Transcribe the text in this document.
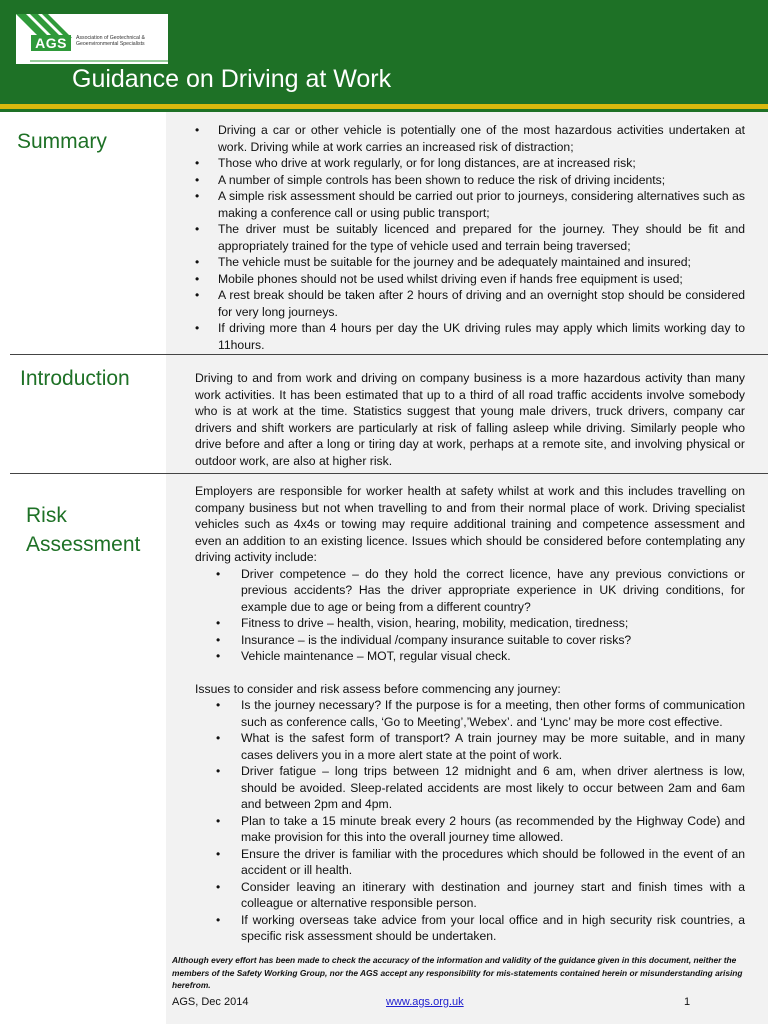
AGS	Association of Geotechnical &
Geoenvironmental Specialists
Guidance on Driving at Work
Summary
•	Driving a car or other vehicle is potentially one of the most hazardous activities undertaken at work. Driving while at work carries an increased risk of distraction;
• Those who drive at work regularly, or for long distances, are at increased risk;
• A number of simple controls has been shown to reduce the risk of driving incidents;
• A simple risk assessment should be carried out prior to journeys, considering alternatives such as making a conference call or using public transport;
• The driver must be suitably licenced and prepared for the journey. They should be fit and appropriately trained for the type of vehicle used and terrain being traversed;
• The vehicle must be suitable for the journey and be adequately maintained and insured;
• Mobile phones should not be used whilst driving even if hands free equipment is used;
• A rest break should be taken after 2 hours of driving and an overnight stop should be considered for very long journeys.
• If driving more than 4 hours per day the UK driving rules may apply which limits working day to 11hours.
Introduction	Driving to and from work and driving on company business is a more hazardous activity than many work activities. It has been estimated that up to a third of all road traffic accidents involve somebody who is at work at the time. Statistics suggest that young male drivers, truck drivers, company car drivers and shift workers are particularly at risk of falling asleep while driving. Similarly people who drive before and after a long or tiring day at work, perhaps at a remote site, and involving physical or outdoor work, are also at higher risk.
Risk
Assessment
Employers are responsible for worker health at safety whilst at work and this includes travelling on company business but not when travelling to and from their normal place of work. Driving specialist vehicles such as 4x4s or towing may require additional training and competence assessment and even an addition to an existing licence. Issues which should be considered before contemplating any driving activity include:
• Driver competence – do they hold the correct licence, have any previous convictions or previous accidents? Has the driver appropriate experience in UK driving conditions, for example due to age or being from a different country?
• Fitness to drive – health, vision, hearing, mobility, medication, tiredness;
• Insurance – is the individual /company insurance suitable to cover risks?
• Vehicle maintenance – MOT, regular visual check.
Issues to consider and risk assess before commencing any journey:
• Is the journey necessary? If the purpose is for a meeting, then other forms of communication such as conference calls, ‘Go to Meeting’,’Webex’. and ‘Lync’ may be more cost effective.
• What is the safest form of transport? A train journey may be more suitable, and in many cases delivers you in a more alert state at the point of work.
• Driver fatigue – long trips between 12 midnight and 6 am, when driver alertness is low, should be avoided. Sleep-related accidents are most likely to occur between 2am and 6am and between 2pm and 4pm.
• Plan to take a 15 minute break every 2 hours (as recommended by the Highway Code) and make provision for this into the overall journey time allowed.
• Ensure the driver is familiar with the procedures which should be followed in the event of an accident or ill health.
• Consider leaving an itinerary with destination and journey start and finish times with a colleague or alternative responsible person.
• If working overseas take advice from your local office and in high security risk countries, a specific risk assessment should be undertaken.
Although every effort has been made to check the accuracy of the information and validity of the guidance given in this document, neither the members of the Safety Working Group, nor the AGS accept any responsibility for mis-statements contained herein or misunderstanding arising herefrom.
AGS, Dec 2014	www.ags.org.uk	1
